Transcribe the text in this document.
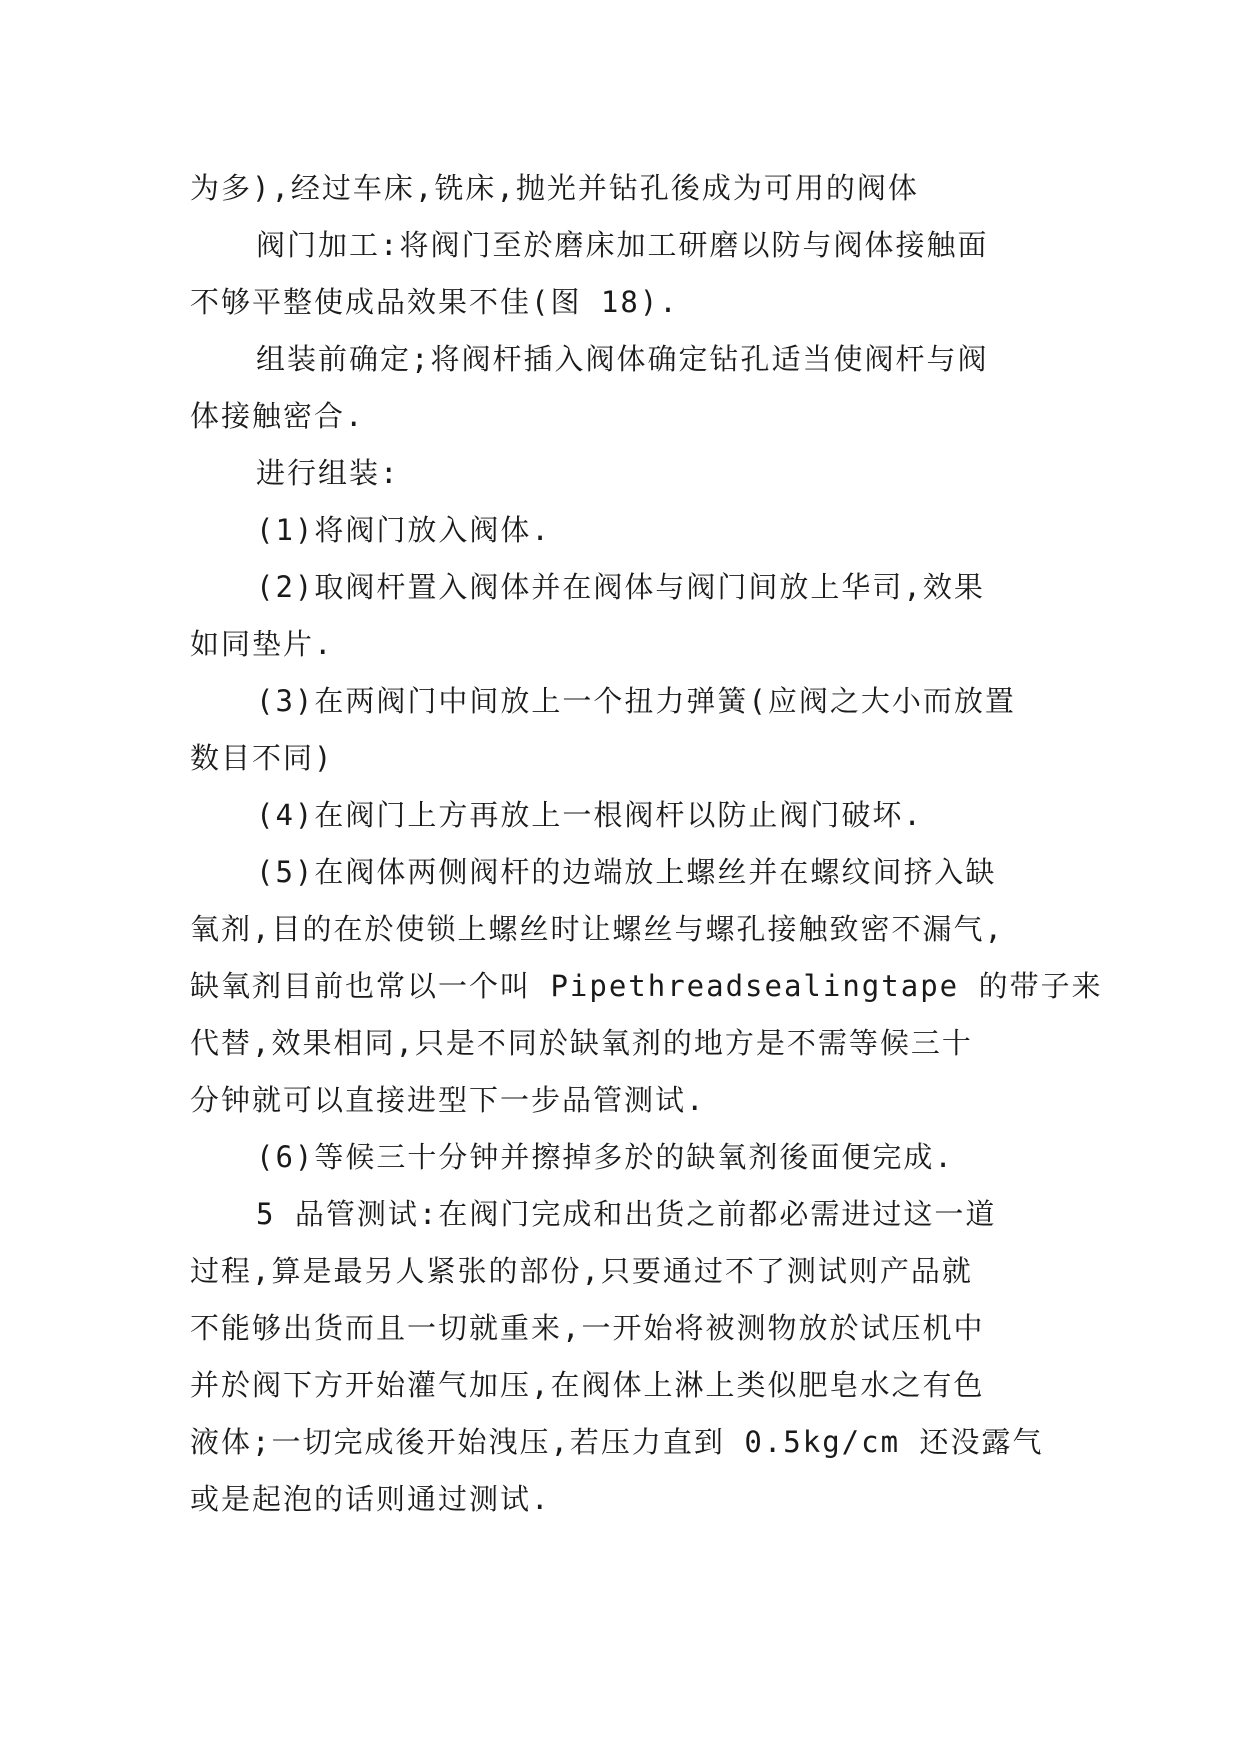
为多),经过车床,铣床,抛光并钻孔後成为可用的阀体
阀门加工:将阀门至於磨床加工研磨以防与阀体接触面
不够平整使成品效果不佳(图 18).
组装前确定;将阀杆插入阀体确定钻孔适当使阀杆与阀
体接触密合.
进行组装:
(1)将阀门放入阀体.
(2)取阀杆置入阀体并在阀体与阀门间放上华司,效果
如同垫片.
(3)在两阀门中间放上一个扭力弹簧(应阀之大小而放置
数目不同)
(4)在阀门上方再放上一根阀杆以防止阀门破坏.
(5)在阀体两侧阀杆的边端放上螺丝并在螺纹间挤入缺
氧剂,目的在於使锁上螺丝时让螺丝与螺孔接触致密不漏气,
缺氧剂目前也常以一个叫 Pipethreadsealingtape 的带子来
代替,效果相同,只是不同於缺氧剂的地方是不需等候三十
分钟就可以直接进型下一步品管测试.
(6)等候三十分钟并擦掉多於的缺氧剂後面便完成.
5 品管测试:在阀门完成和出货之前都必需进过这一道
过程,算是最另人紧张的部份,只要通过不了测试则产品就
不能够出货而且一切就重来,一开始将被测物放於试压机中
并於阀下方开始灌气加压,在阀体上淋上类似肥皂水之有色
液体;一切完成後开始洩压,若压力直到 0.5kg/cm 还没露气
或是起泡的话则通过测试.
